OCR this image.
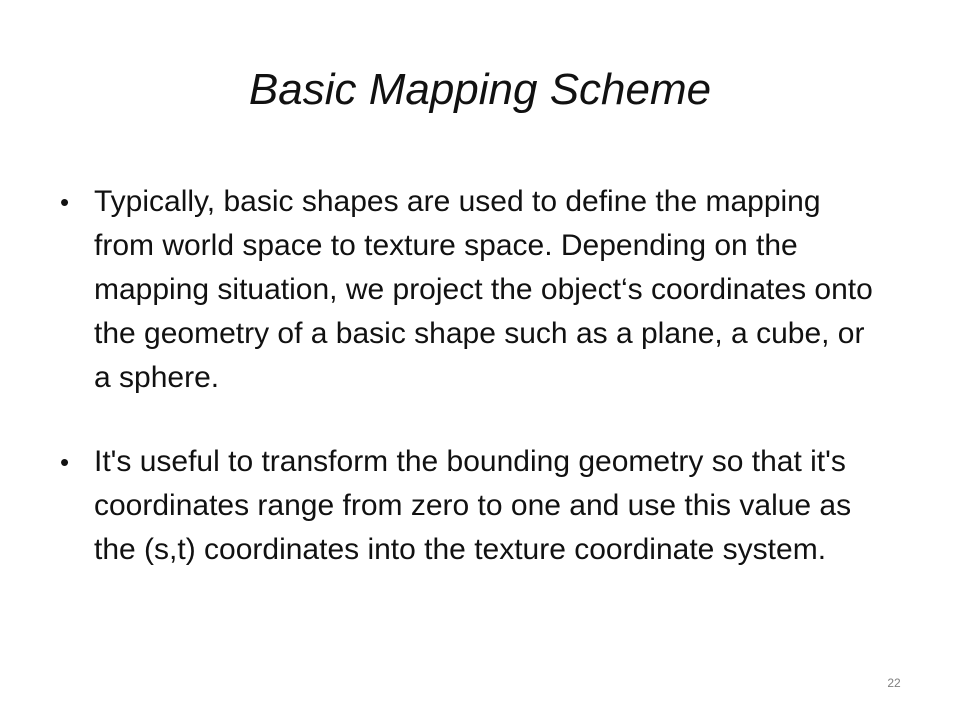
Basic Mapping Scheme
• Typically, basic shapes are used to define the mapping from world space to texture space. Depending on the mapping situation, we project the object‘s coordinates onto the geometry of a basic shape such as a plane, a cube, or a sphere.
• It's useful to transform the bounding geometry so that it's coordinates range from zero to one and use this value as the (s,t) coordinates into the texture coordinate system.
22
